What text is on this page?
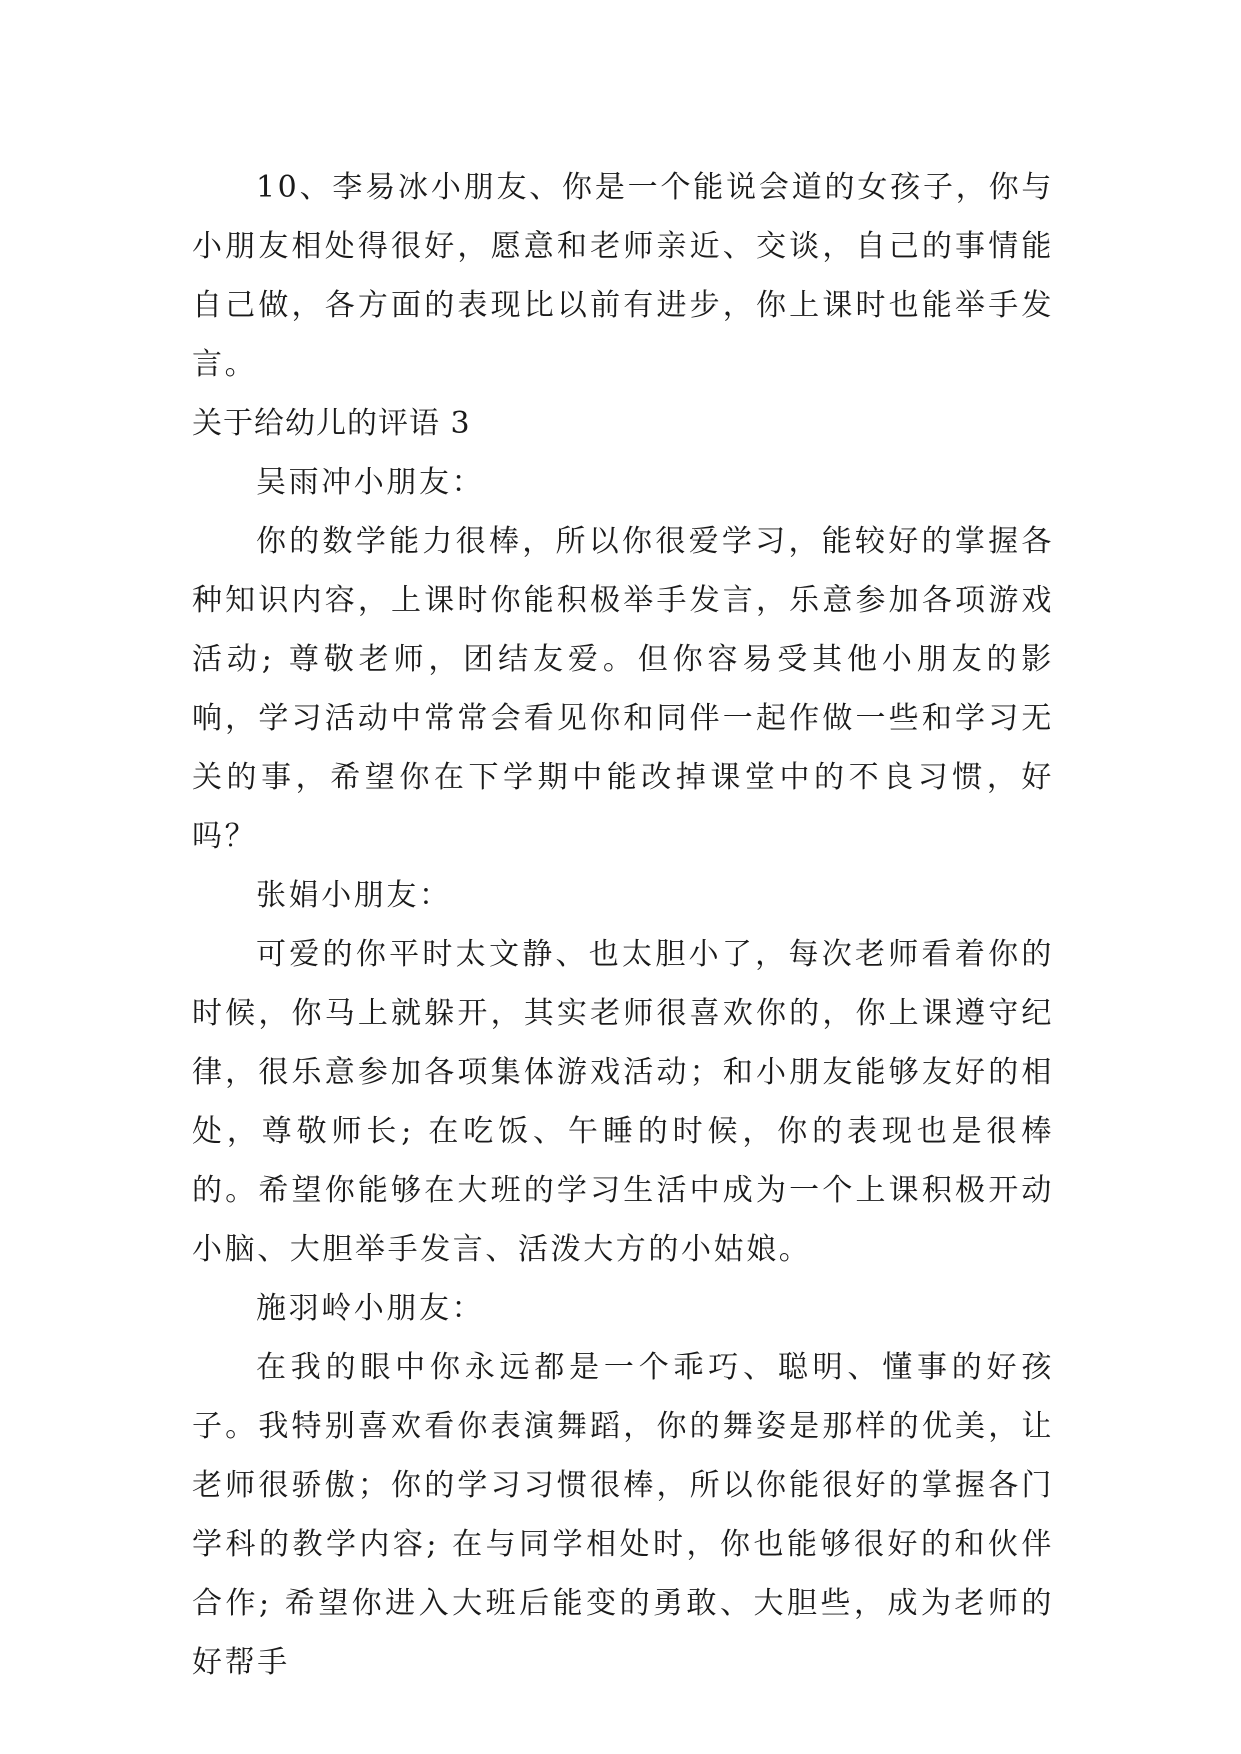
10、李易冰小朋友、你是一个能说会道的女孩子，你与小朋友相处得很好，愿意和老师亲近、交谈，自己的事情能自己做，各方面的表现比以前有进步，你上课时也能举手发言。

关于给幼儿的评语 3

吴雨冲小朋友：

你的数学能力很棒，所以你很爱学习，能较好的掌握各种知识内容，上课时你能积极举手发言，乐意参加各项游戏活动; 尊敬老师，团结友爱。但你容易受其他小朋友的影响，学习活动中常常会看见你和同伴一起作做一些和学习无关的事，希望你在下学期中能改掉课堂中的不良习惯，好吗？

张娟小朋友：

可爱的你平时太文静、也太胆小了，每次老师看着你的时候，你马上就躲开，其实老师很喜欢你的，你上课遵守纪律，很乐意参加各项集体游戏活动；和小朋友能够友好的相处，尊敬师长; 在吃饭、午睡的时候，你的表现也是很棒的。希望你能够在大班的学习生活中成为一个上课积极开动小脑、大胆举手发言、活泼大方的小姑娘。

施羽岭小朋友：

在我的眼中你永远都是一个乖巧、聪明、懂事的好孩子。我特别喜欢看你表演舞蹈，你的舞姿是那样的优美，让老师很骄傲；你的学习习惯很棒，所以你能很好的掌握各门学科的教学内容; 在与同学相处时，你也能够很好的和伙伴合作; 希望你进入大班后能变的勇敢、大胆些，成为老师的好帮手
